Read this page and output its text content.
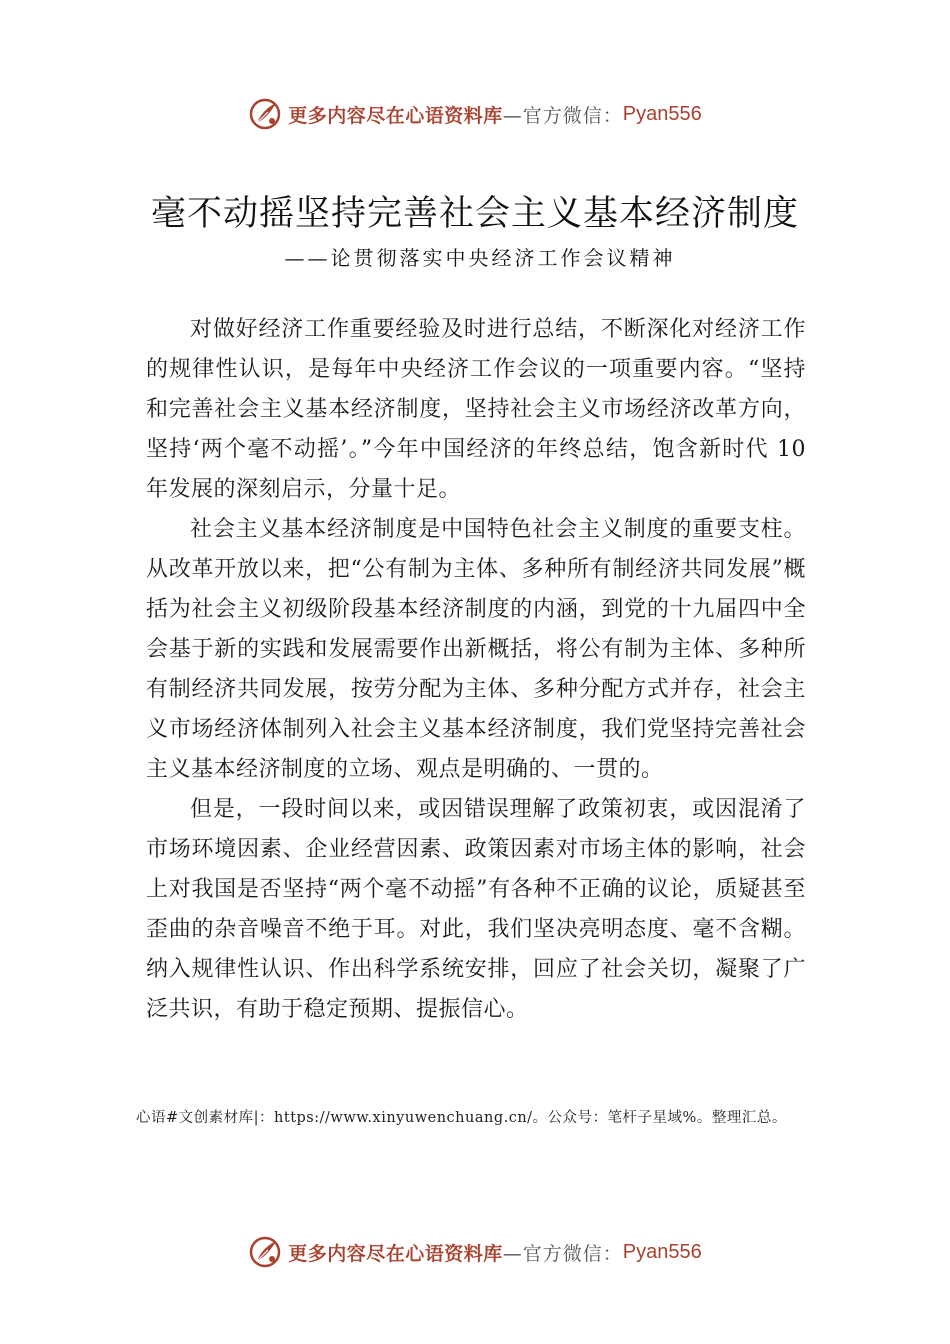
更多内容尽在心语资料库 —官方微信： Pyan556
毫不动摇坚持完善社会主义基本经济制度
——论贯彻落实中央经济工作会议精神

对做好经济工作重要经验及时进行总结，不断深化对经济工作的规律性认识，是每年中央经济工作会议的一项重要内容。“坚持和完善社会主义基本经济制度，坚持社会主义市场经济改革方向，坚持‘两个毫不动摇’。”今年中国经济的年终总结，饱含新时代 10 年发展的深刻启示，分量十足。

社会主义基本经济制度是中国特色社会主义制度的重要支柱。从改革开放以来，把“公有制为主体、多种所有制经济共同发展”概括为社会主义初级阶段基本经济制度的内涵，到党的十九届四中全会基于新的实践和发展需要作出新概括，将公有制为主体、多种所有制经济共同发展，按劳分配为主体、多种分配方式并存，社会主义市场经济体制列入社会主义基本经济制度，我们党坚持完善社会主义基本经济制度的立场、观点是明确的、一贯的。

但是，一段时间以来，或因错误理解了政策初衷，或因混淆了市场环境因素、企业经营因素、政策因素对市场主体的影响，社会上对我国是否坚持“两个毫不动摇”有各种不正确的议论，质疑甚至歪曲的杂音噪音不绝于耳。对此，我们坚决亮明态度、毫不含糊。纳入规律性认识、作出科学系统安排，回应了社会关切，凝聚了广泛共识，有助于稳定预期、提振信心。

心语#文创素材库|：https://www.xinyuwenchuang.cn/。公众号：笔杆子星域%。整理汇总。
更多内容尽在心语资料库 —官方微信： Pyan556
